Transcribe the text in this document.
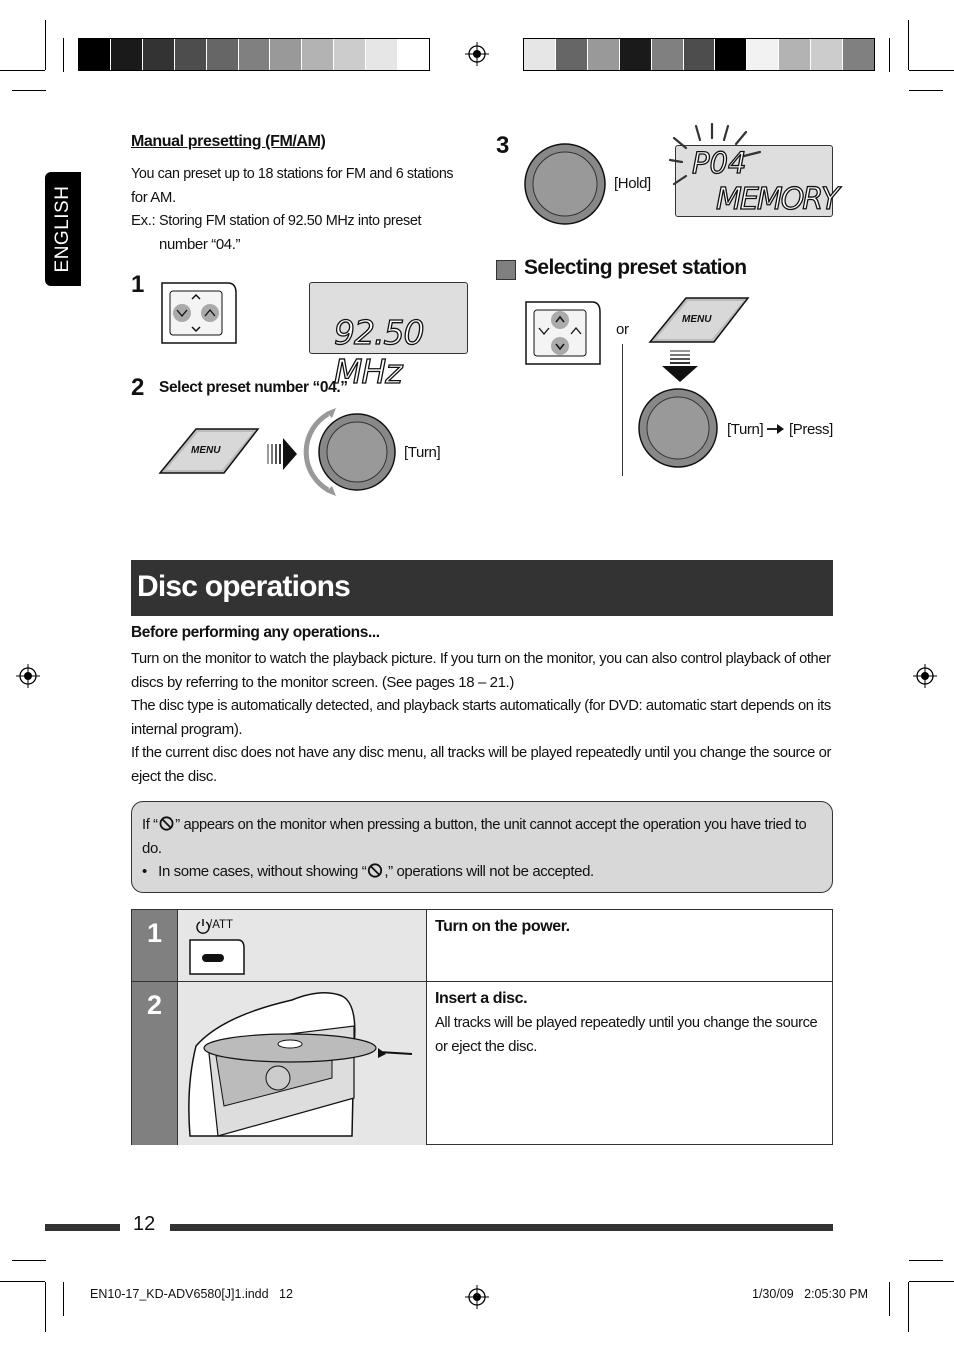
ENGLISH
Manual presetting (FM/AM)
You can preset up to 18 stations for FM and 6 stations
for AM.
Ex.: Storing FM station of 92.50 MHz into preset
number “04.”
1
92.50 MHz
2 Select preset number “04.”
MENU	[Turn]
3
[Hold]
P04
MEMORY
Selecting preset station
or
MENU
[Turn] [Press]
Disc operations
Before performing any operations...
Turn on the monitor to watch the playback picture. If you turn on the monitor, you can also control playback of other
discs by referring to the monitor screen. (See pages 18 – 21.)
The disc type is automatically detected, and playback starts automatically (for DVD: automatic start depends on its
internal program).
If the current disc does not have any disc menu, all tracks will be played repeatedly until you change the source or
eject the disc.
If “ ” appears on the monitor when pressing a button, the unit cannot accept the operation you have tried to
do.
• In some cases, without showing “ ,” operations will not be accepted.
1	/ATT	Turn on the power.
2	Insert a disc.
All tracks will be played repeatedly until you change the source
or eject the disc.
12
EN10-17_KD-ADV6580[J]1.indd   12	1/30/09   2:05:30 PM
